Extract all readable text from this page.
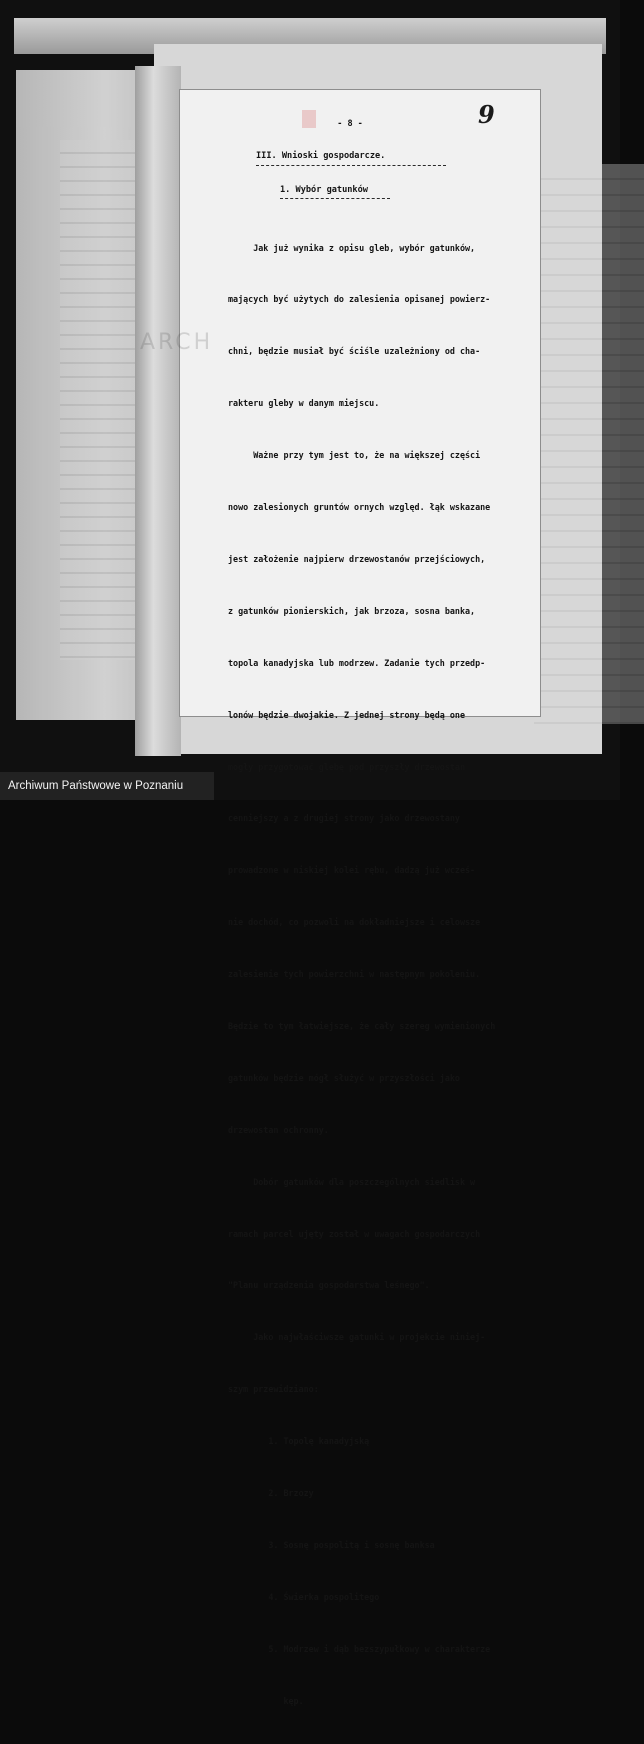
- 8 -	9
III. Wnioski gospodarcze.
1. Wybór gatunków

Jak już wynika z opisu gleb, wybór gatunków,

mających być użytych do zalesienia opisanej powierz-

chni, będzie musiał być ściśle uzależniony od cha-

rakteru gleby w danym miejscu.

Ważne przy tym jest to, że na większej części

nowo zalesionych gruntów ornych względ. łąk wskazane

jest założenie najpierw drzewostanów przejściowych,

z gatunków pionierskich, jak brzoza, sosna banka,

topola kanadyjska lub modrzew. Zadanie tych przedp-

lonów będzie dwojakie. Z jednej strony będą one

mogły przygotować glebę pod przyszły drzewostan

cenniejszy a z drugiej strony jako drzewostany

prowadzone w niskiej kolei rębu, dadzą już wcześ-

nie dochód, co pozwoli na dokładniejsze i celowsze

zalesienie tych powierzchni w następnym pokoleniu.

Będzie to tym łatwiejsze, że cały szereg wymienionych

gatunków będzie mógł służyć w przyszłości jako

drzewostan ochronny.

Dobór gatunków dla poszczególnych siedlisk w

ramach parcel ujęty został w uwagach gospodarczych

"Planu urządzenia gospodarstwa leśnego".

Jako najwłaściwsze gatunki w projekcie niniej-

szym przewidziano:

1. Topolę kanadyjską

2. Brzozy

3. Sosnę pospolitą i sosnę banksa

4. Świerka pospolitego

5. Modrzew i dąb bezszypułkowy w charakterze

kęp.

ARCH
Archiwum Państwowe w Poznaniu
